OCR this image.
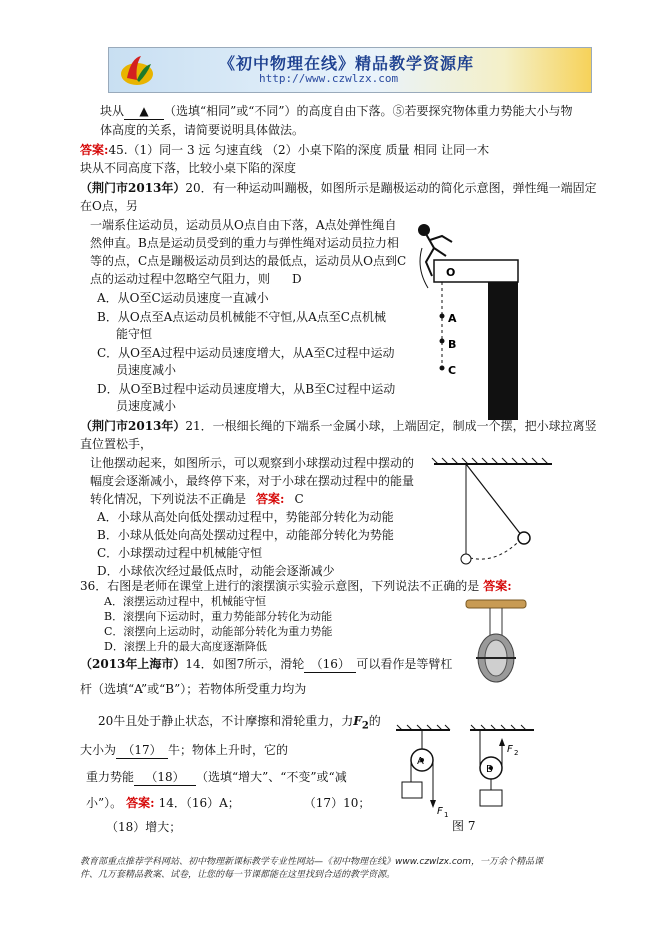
《初中物理在线》精品教学资源库
http://www.czwlzx.com
块从 ▲ （选填“相同”或“不同”）的高度自由下落。⑤若要探究物体重力势能大小与物
体高度的关系，请简要说明具体做法。
答案:45.（1）同一 3 远 匀速直线 （2）小桌下陷的深度 质量 相同 让同一木
块从不同高度下落，比较小桌下陷的深度
（荆门市2013年）20．有一种运动叫蹦极，如图所示是蹦极运动的简化示意图，弹性绳一端固定
在O点，另
一端系住运动员，运动员从O点自由下落，A点处弹性绳自
然伸直。B点是运动员受到的重力与弹性绳对运动员拉力相
等的点，C点是蹦极运动员到达的最低点，运动员从O点到C
点的运动过程中忽略空气阻力，则 D
A．从O至C运动员速度一直减小
B．从O点至A点运动员机械能不守恒,从A点至C点机械
能守恒
C．从O至A过程中运动员速度增大，从A至C过程中运动
员速度减小
D．从O至B过程中运动员速度增大，从B至C过程中运动
员速度减小
O
A
B
C
（荆门市2013年）21．一根细长绳的下端系一金属小球，上端固定，制成一个摆，把小球拉离竖
直位置松手，
让他摆动起来，如图所示，可以观察到小球摆动过程中摆动的
幅度会逐渐减小，最终停下来，对于小球在摆动过程中的能量
转化情况，下列说法不正确是 答案: C
A．小球从高处向低处摆动过程中，势能部分转化为动能
B．小球从低处向高处摆动过程中，动能部分转化为势能
C．小球摆动过程中机械能守恒
D．小球依次经过最低点时，动能会逐渐减少
36．右图是老师在课堂上进行的滚摆演示实验示意图，下列说法不正确的是 答案:
A．滚摆运动过程中，机械能守恒
B．滚摆向下运动时，重力势能部分转化为动能
C．滚摆向上运动时，动能部分转化为重力势能
D．滚摆上升的最大高度逐渐降低
（2013年上海市）14．如图7所示，滑轮 （16） 可以看作是等臂杠
杆（选填“A”或“B”）；若物体所受重力均为
20牛且处于静止状态，不计摩擦和滑轮重力，力$F_2$的
大小为 （17） 牛；物体上升时，它的
重力势能 （18） （选填“增大”、“不变”或“减
小”）。 答案: 14．（16）A；	（17）10；
（18）增大；
A
F 1
B
F 2
图 7
教育部重点推荐学科网站、初中物理新课标教学专业性网站—《初中物理在线》www.czwlzx.com，一万余个精品课
件、几万套精品教案、试卷，让您的每一节课都能在这里找到合适的教学资源。
